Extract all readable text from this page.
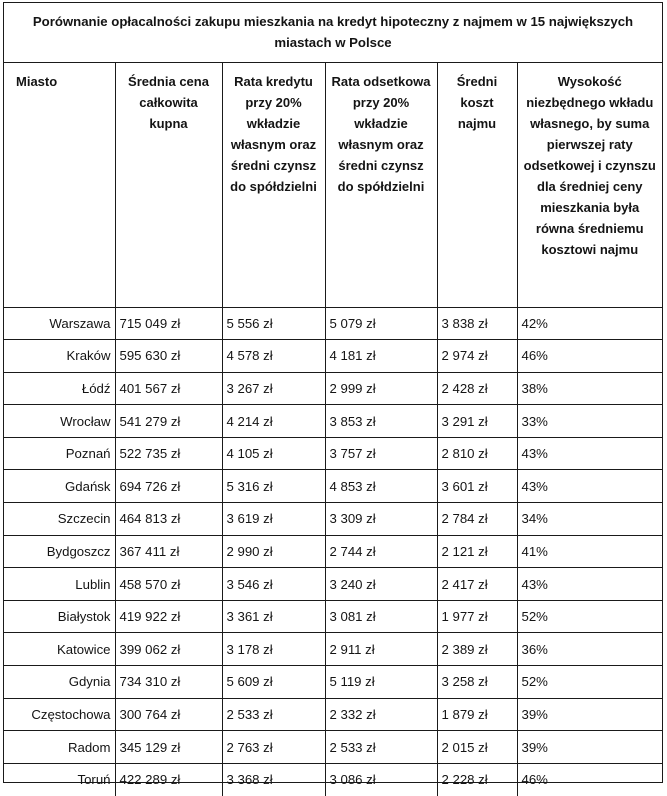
Porównanie opłacalności zakupu mieszkania na kredyt hipoteczny z najmem w 15 największych miastach w Polsce
Miasto	Średnia cena całkowita kupna	Rata kredytu przy 20% wkładzie własnym oraz średni czynsz do spółdzielni	Rata odsetkowa przy 20% wkładzie własnym oraz średni czynsz do spółdzielni	Średni koszt najmu	Wysokość niezbędnego wkładu własnego, by suma pierwszej raty odsetkowej i czynszu dla średniej ceny mieszkania była równa średniemu kosztowi najmu
Warszawa	715 049 zł	5 556 zł	5 079 zł	3 838 zł	42%
Kraków	595 630 zł	4 578 zł	4 181 zł	2 974 zł	46%
Łódź	401 567 zł	3 267 zł	2 999 zł	2 428 zł	38%
Wrocław	541 279 zł	4 214 zł	3 853 zł	3 291 zł	33%
Poznań	522 735 zł	4 105 zł	3 757 zł	2 810 zł	43%
Gdańsk	694 726 zł	5 316 zł	4 853 zł	3 601 zł	43%
Szczecin	464 813 zł	3 619 zł	3 309 zł	2 784 zł	34%
Bydgoszcz	367 411 zł	2 990 zł	2 744 zł	2 121 zł	41%
Lublin	458 570 zł	3 546 zł	3 240 zł	2 417 zł	43%
Białystok	419 922 zł	3 361 zł	3 081 zł	1 977 zł	52%
Katowice	399 062 zł	3 178 zł	2 911 zł	2 389 zł	36%
Gdynia	734 310 zł	5 609 zł	5 119 zł	3 258 zł	52%
Częstochowa	300 764 zł	2 533 zł	2 332 zł	1 879 zł	39%
Radom	345 129 zł	2 763 zł	2 533 zł	2 015 zł	39%
Toruń	422 289 zł	3 368 zł	3 086 zł	2 228 zł	46%
